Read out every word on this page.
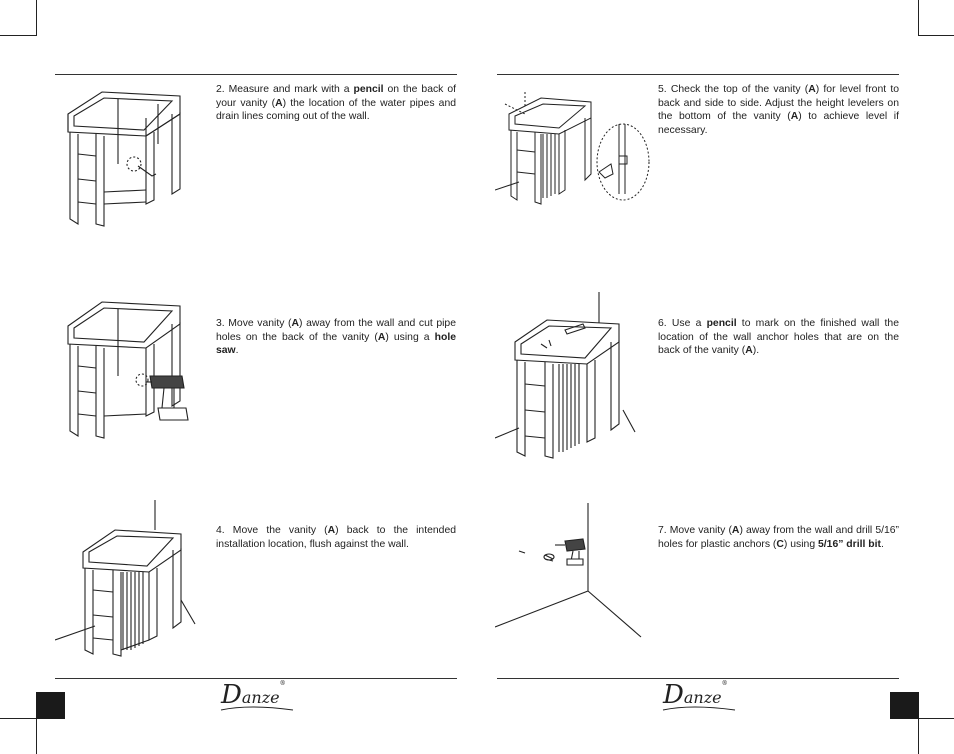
Danze®	Danze®
2. Measure and mark with a pencil on the back of your vanity (A) the location of the water pipes and drain lines coming out of the wall.
3. Move vanity (A) away from the wall and cut pipe holes on the back of the vanity (A) using a hole saw.
4. Move the vanity (A) back to the intended installation location, flush against the wall.
5. Check the top of the vanity (A) for level front to back and side to side. Adjust the height levelers on the bottom of the vanity (A) to achieve level if necessary.
6. Use a pencil to mark on the finished wall the location of the wall anchor holes that are on the back of the vanity (A).
7. Move vanity (A) away from the wall and drill 5/16” holes for plastic anchors (C) using 5/16” drill bit.
